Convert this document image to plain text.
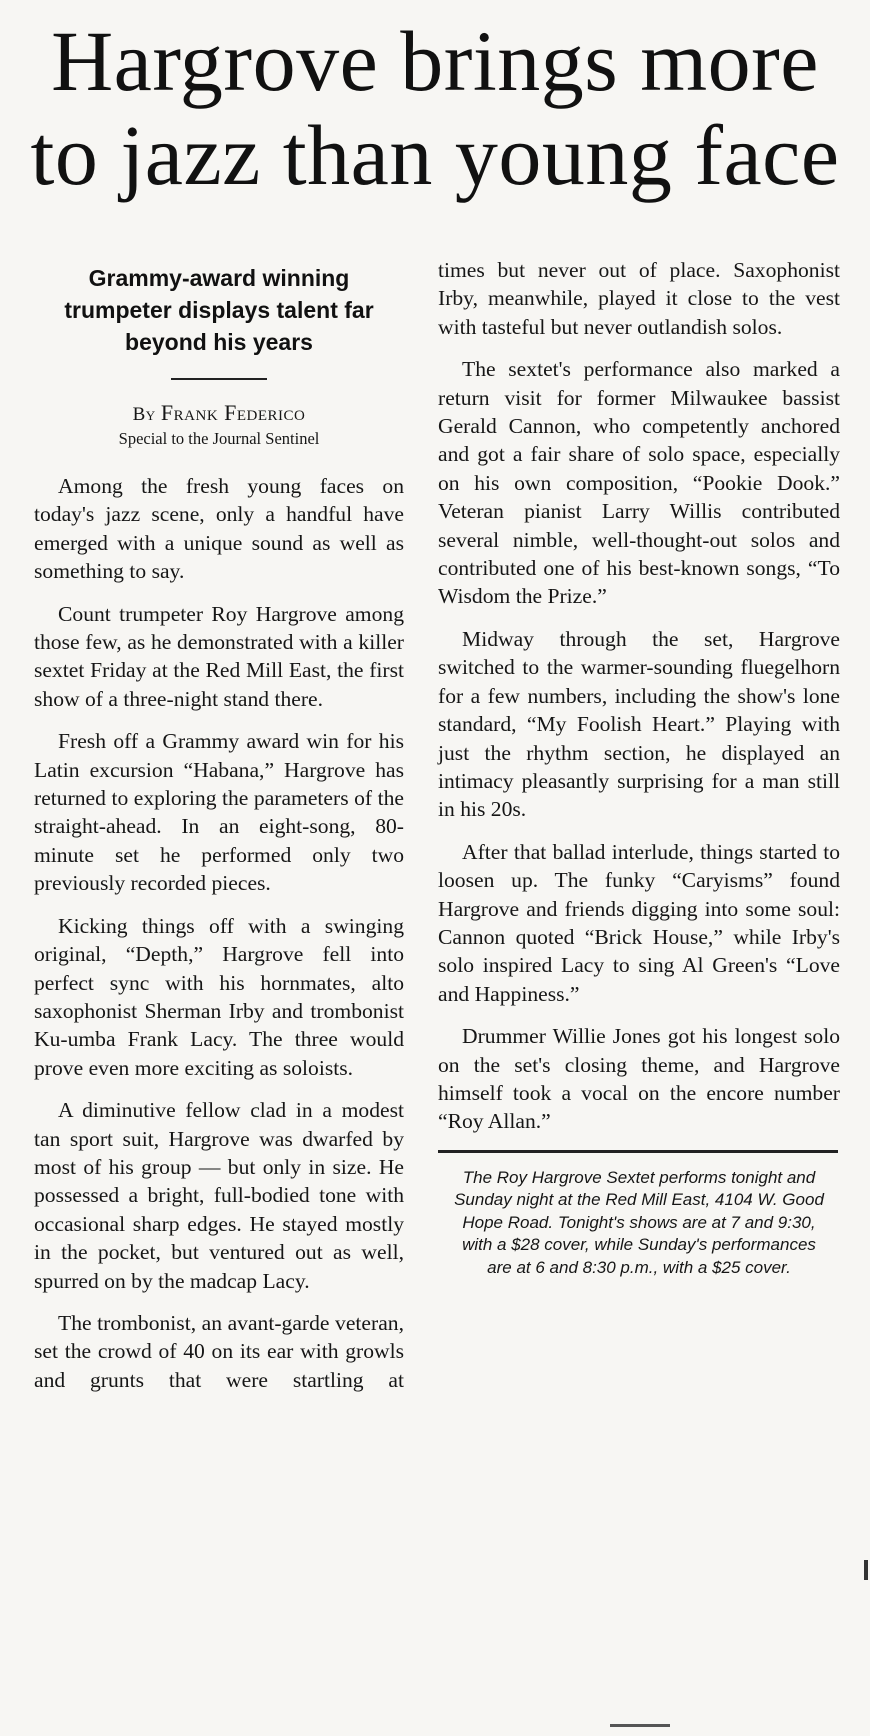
Hargrove brings more
to jazz than young face
Grammy-award winning trumpeter displays talent far beyond his years
By Frank Federico
Special to the Journal Sentinel

Among the fresh young faces on today's jazz scene, only a handful have emerged with a unique sound as well as something to say.

Count trumpeter Roy Hargrove among those few, as he demonstrated with a killer sextet Friday at the Red Mill East, the first show of a three-night stand there.

Fresh off a Grammy award win for his Latin excursion “Habana,” Hargrove has returned to exploring the parameters of the straight-ahead. In an eight-song, 80-minute set he performed only two previously recorded pieces.

Kicking things off with a swinging original, “Depth,” Hargrove fell into perfect sync with his hornmates, alto saxophonist Sherman Irby and trombonist Ku-umba Frank Lacy. The three would prove even more exciting as soloists.

A diminutive fellow clad in a modest tan sport suit, Hargrove was dwarfed by most of his group — but only in size. He possessed a bright, full-bodied tone with occasional sharp edges. He stayed mostly in the pocket, but ventured out as well, spurred on by the madcap Lacy.

The trombonist, an avant-garde veteran, set the crowd of 40 on its ear with growls and grunts that were startling at

times but never out of place. Saxophonist Irby, meanwhile, played it close to the vest with tasteful but never outlandish solos.

The sextet's performance also marked a return visit for former Milwaukee bassist Gerald Cannon, who competently anchored and got a fair share of solo space, especially on his own composition, “Pookie Dook.” Veteran pianist Larry Willis contributed several nimble, well-thought-out solos and contributed one of his best-known songs, “To Wisdom the Prize.”

Midway through the set, Hargrove switched to the warmer-sounding fluegelhorn for a few numbers, including the show's lone standard, “My Foolish Heart.” Playing with just the rhythm section, he displayed an intimacy pleasantly surprising for a man still in his 20s.

After that ballad interlude, things started to loosen up. The funky “Caryisms” found Hargrove and friends digging into some soul: Cannon quoted “Brick House,” while Irby's solo inspired Lacy to sing Al Green's “Love and Happiness.”

Drummer Willie Jones got his longest solo on the set's closing theme, and Hargrove himself took a vocal on the encore number “Roy Allan.”

The Roy Hargrove Sextet performs tonight and Sunday night at the Red Mill East, 4104 W. Good Hope Road. Tonight's shows are at 7 and 9:30, with a $28 cover, while Sunday's performances are at 6 and 8:30 p.m., with a $25 cover.
